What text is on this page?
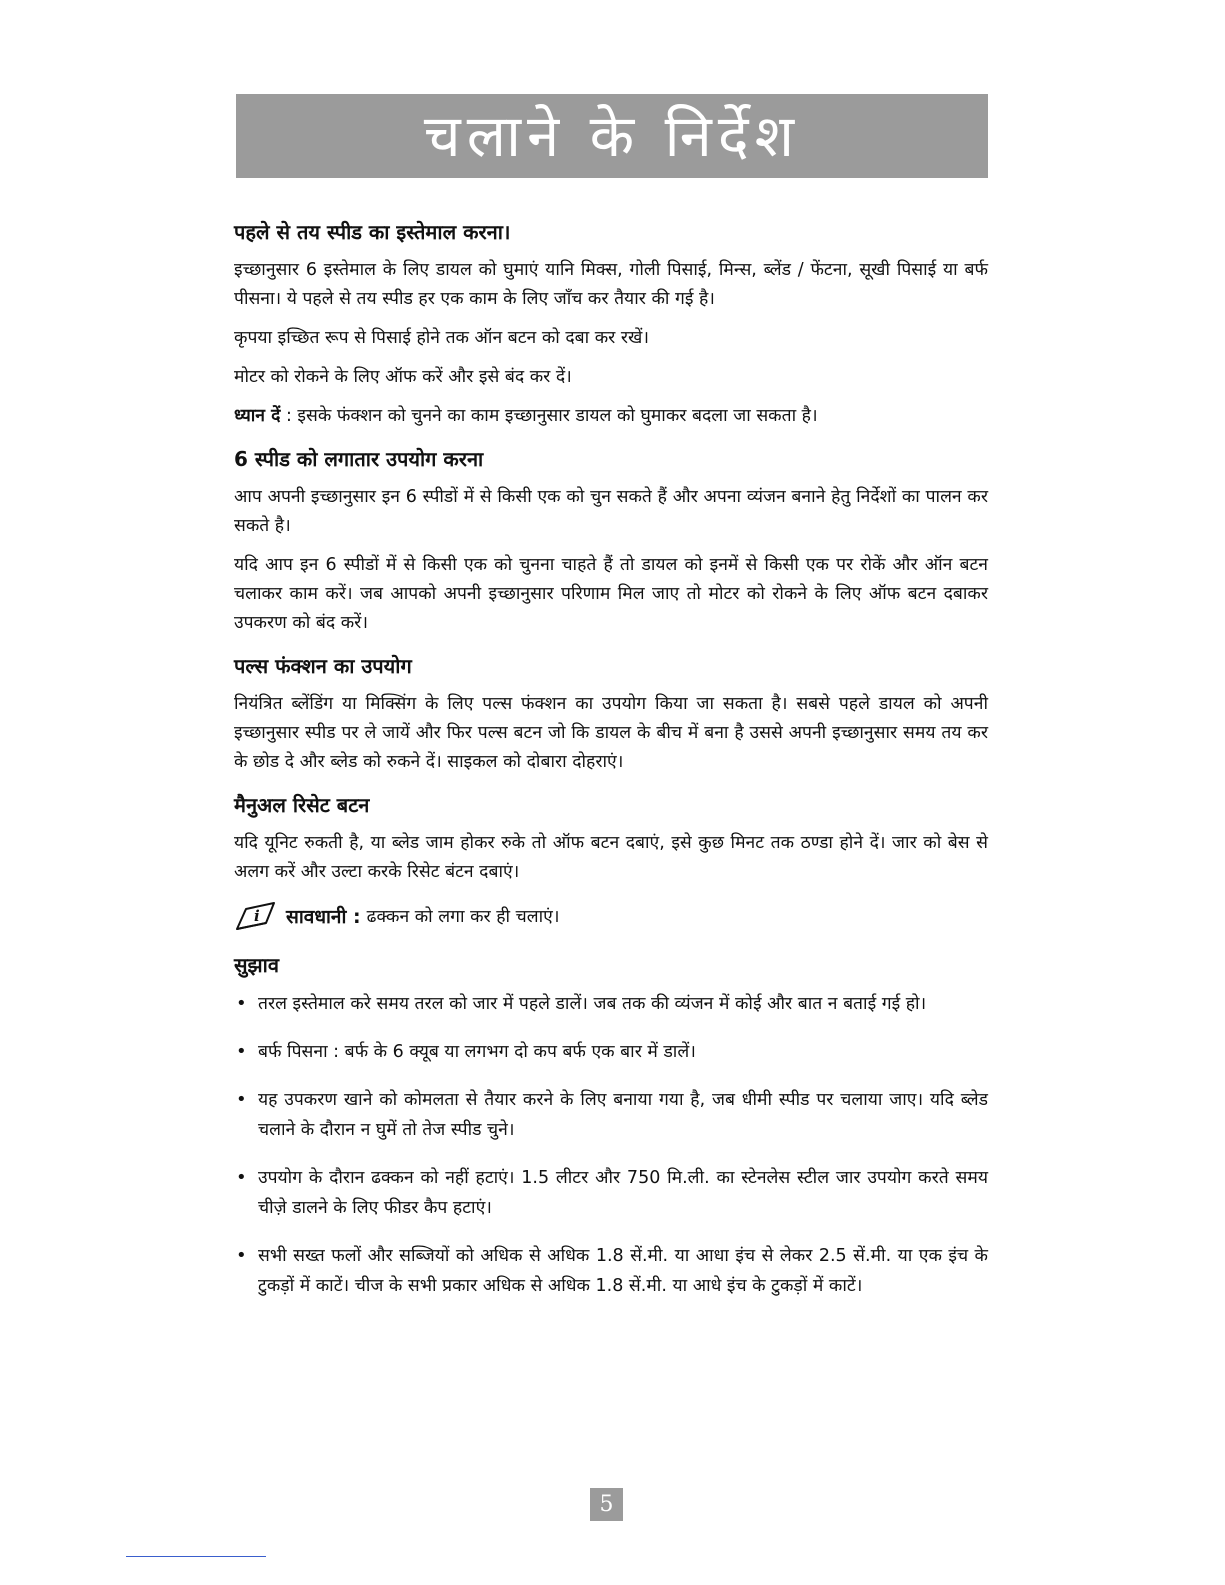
चलाने के निर्देश
पहले से तय स्पीड का इस्तेमाल करना।

इच्छानुसार 6 इस्तेमाल के लिए डायल को घुमाएं यानि मिक्स, गोली पिसाई, मिन्स, ब्लेंड / फेंटना, सूखी पिसाई या बर्फ पीसना। ये पहले से तय स्पीड हर एक काम के लिए जाँच कर तैयार की गई है।

कृपया इच्छित रूप से पिसाई होने तक ऑन बटन को दबा कर रखें।

मोटर को रोकने के लिए ऑफ करें और इसे बंद कर दें।

ध्यान दें : इसके फंक्शन को चुनने का काम इच्छानुसार डायल को घुमाकर बदला जा सकता है।

6 स्पीड को लगातार उपयोग करना

आप अपनी इच्छानुसार इन 6 स्पीडों में से किसी एक को चुन सकते हैं और अपना व्यंजन बनाने हेतु निर्देशों का पालन कर सकते है।

यदि आप इन 6 स्पीडों में से किसी एक को चुनना चाहते हैं तो डायल को इनमें से किसी एक पर रोकें और ऑन बटन चलाकर काम करें। जब आपको अपनी इच्छानुसार परिणाम मिल जाए तो मोटर को रोकने के लिए ऑफ बटन दबाकर उपकरण को बंद करें।

पल्स फंक्शन का उपयोग

नियंत्रित ब्लेंडिंग या मिक्सिंग के लिए पल्स फंक्शन का उपयोग किया जा सकता है। सबसे पहले डायल को अपनी इच्छानुसार स्पीड पर ले जायें और फिर पल्स बटन जो कि डायल के बीच में बना है उससे अपनी इच्छानुसार समय तय कर के छोड दे और ब्लेड को रुकने दें। साइकल को दोबारा दोहराएं।

मैनुअल रिसेट बटन

यदि यूनिट रुकती है, या ब्लेड जाम होकर रुके तो ऑफ बटन दबाएं, इसे कुछ मिनट तक ठण्डा होने दें। जार को बेस से अलग करें और उल्टा करके रिसेट बंटन दबाएं।

i सावधानी : ढक्कन को लगा कर ही चलाएं।
सुझाव
• तरल इस्तेमाल करे समय तरल को जार में पहले डालें। जब तक की व्यंजन में कोई और बात न बताई गई हो।
• बर्फ पिसना : बर्फ के 6 क्यूब या लगभग दो कप बर्फ एक बार में डालें।
• यह उपकरण खाने को कोमलता से तैयार करने के लिए बनाया गया है, जब धीमी स्पीड पर चलाया जाए। यदि ब्लेड चलाने के दौरान न घुमें तो तेज स्पीड चुने।
• उपयोग के दौरान ढक्कन को नहीं हटाएं। 1.5 लीटर और 750 मि.ली. का स्टेनलेस स्टील जार उपयोग करते समय चीज़े डालने के लिए फीडर कैप हटाएं।
• सभी सख्त फलों और सब्जियों को अधिक से अधिक 1.8 सें.मी. या आधा इंच से लेकर 2.5 सें.मी. या एक इंच के टुकड़ों में काटें। चीज के सभी प्रकार अधिक से अधिक 1.8 सें.मी. या आधे इंच के टुकड़ों में काटें।
5
